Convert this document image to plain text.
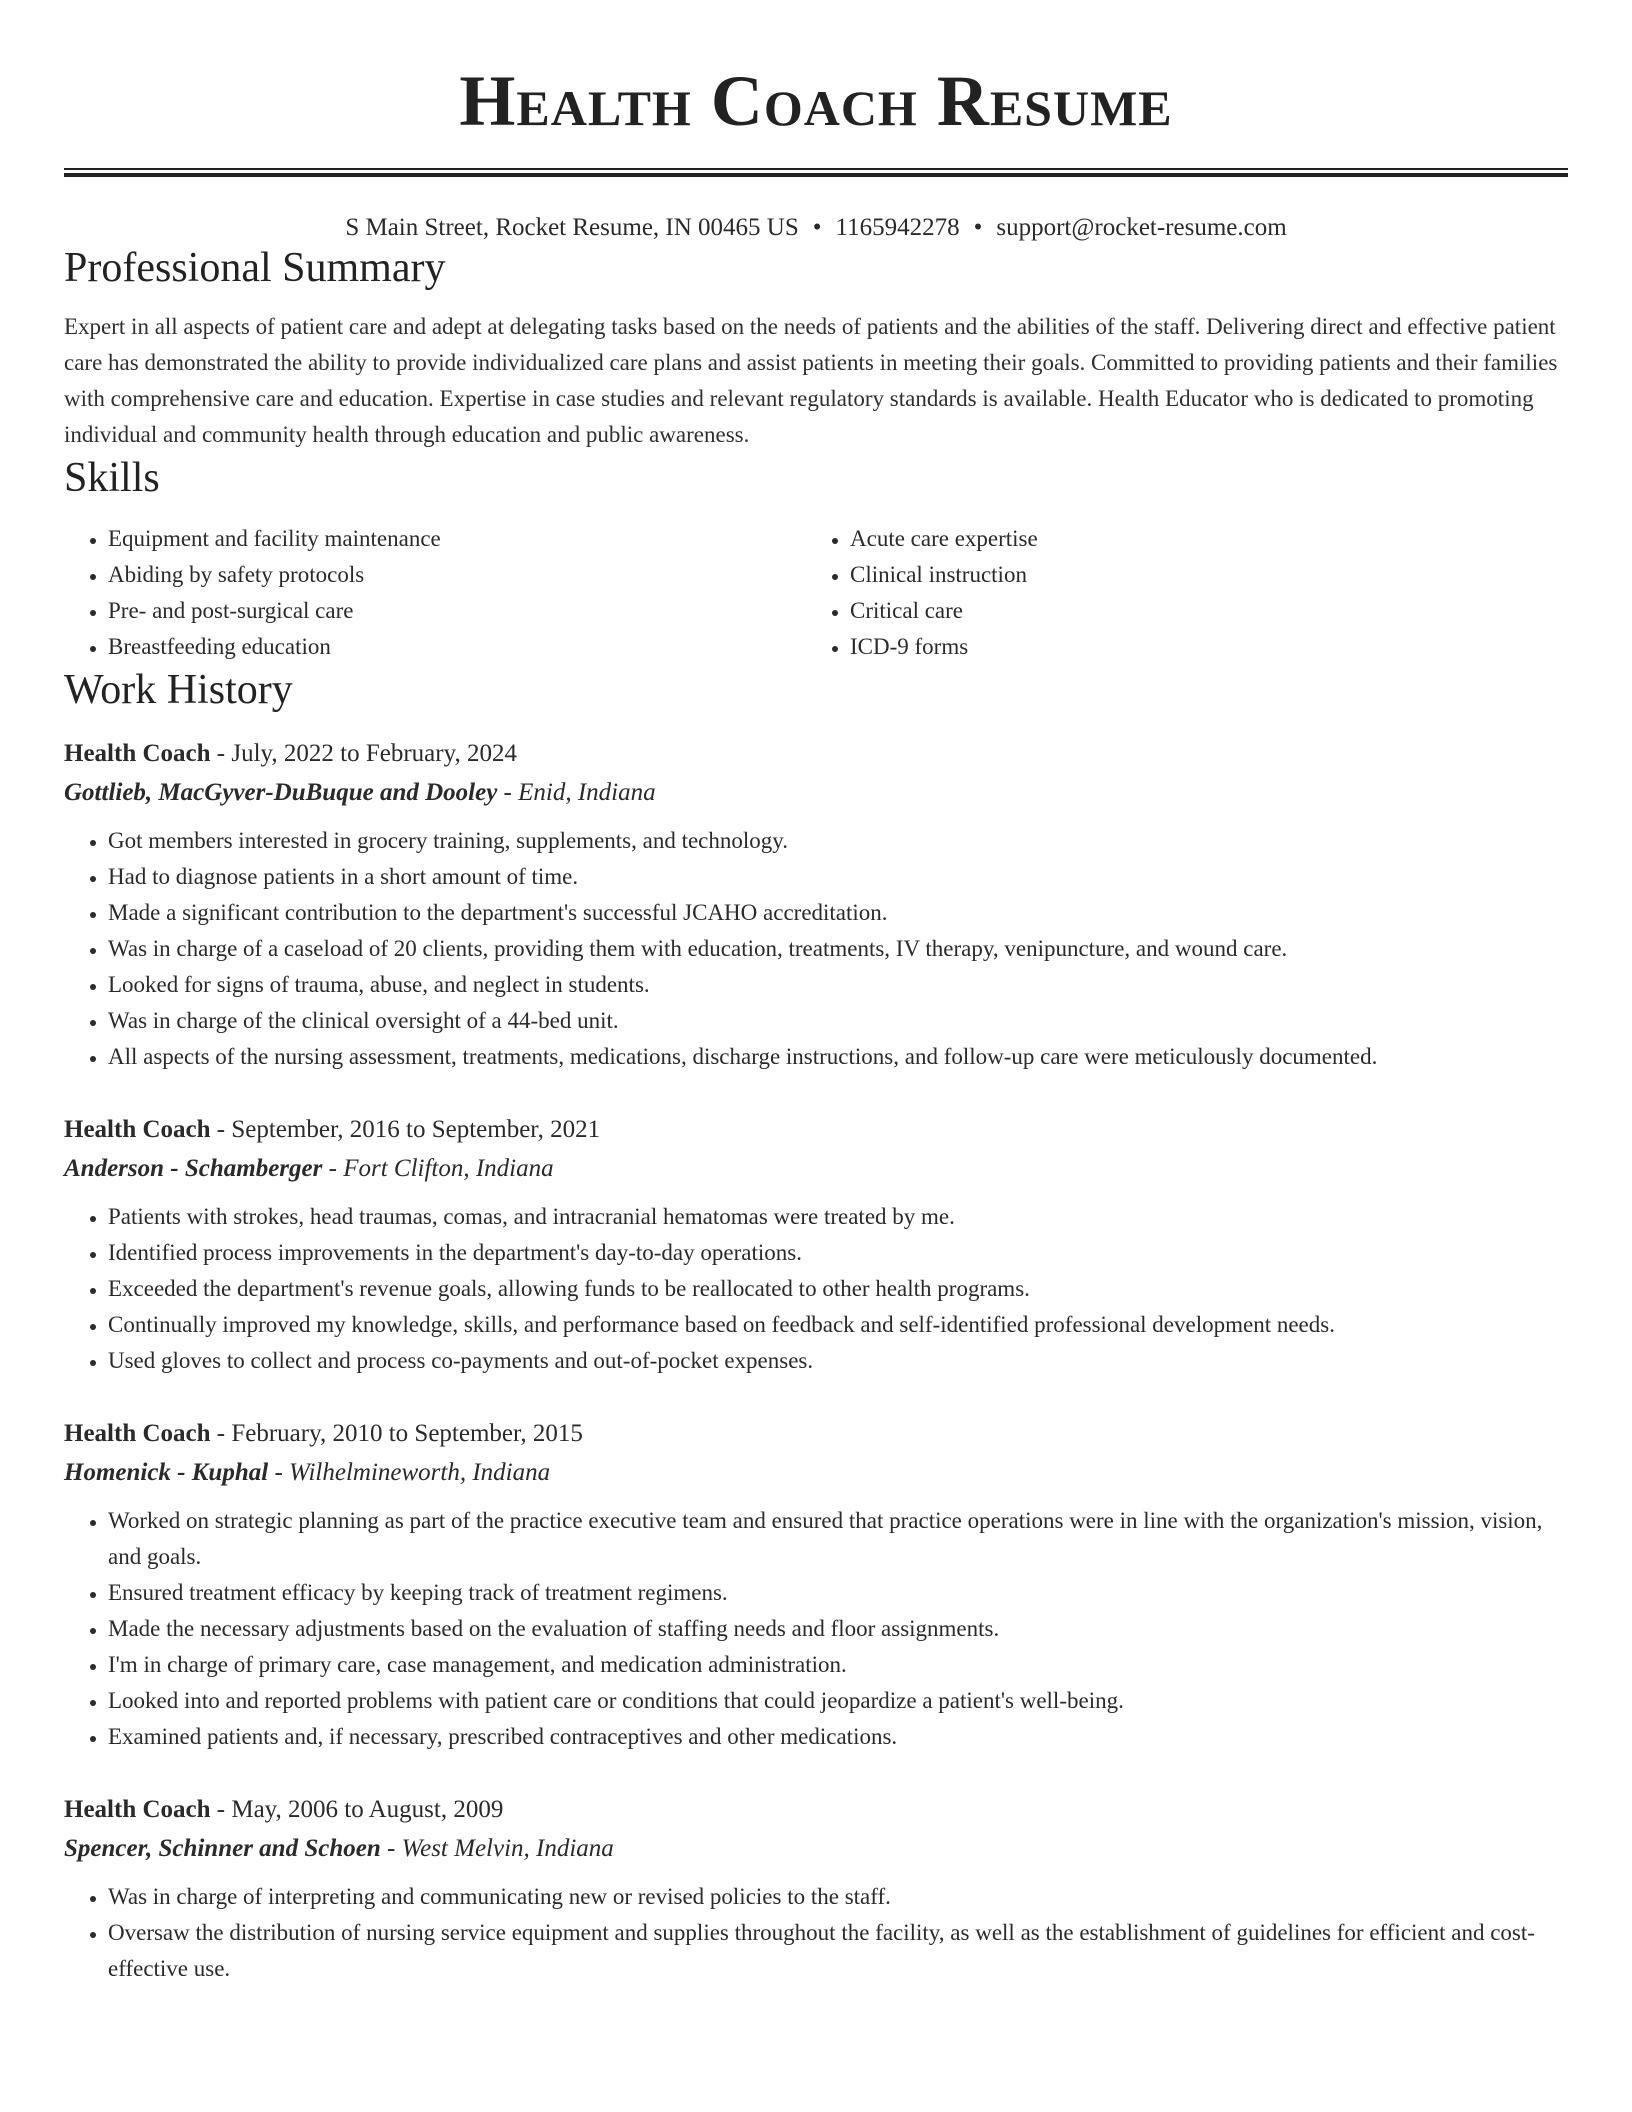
Health Coach Resume
S Main Street, Rocket Resume, IN 00465 US • 1165942278 • support@rocket-resume.com
Professional Summary

Expert in all aspects of patient care and adept at delegating tasks based on the needs of patients and the abilities of the staff. Delivering direct and effective patient care has demonstrated the ability to provide individualized care plans and assist patients in meeting their goals. Committed to providing patients and their families with comprehensive care and education. Expertise in case studies and relevant regulatory standards is available. Health Educator who is dedicated to promoting individual and community health through education and public awareness.

Skills
• Equipment and facility maintenance
• Abiding by safety protocols
• Pre- and post-surgical care
• Breastfeeding education
• Acute care expertise
• Clinical instruction
• Critical care
• ICD-9 forms
Work History
Health Coach - July, 2022 to February, 2024
Gottlieb, MacGyver-DuBuque and Dooley - Enid, Indiana
• Got members interested in grocery training, supplements, and technology.
• Had to diagnose patients in a short amount of time.
• Made a significant contribution to the department's successful JCAHO accreditation.
• Was in charge of a caseload of 20 clients, providing them with education, treatments, IV therapy, venipuncture, and wound care.
• Looked for signs of trauma, abuse, and neglect in students.
• Was in charge of the clinical oversight of a 44-bed unit.
• All aspects of the nursing assessment, treatments, medications, discharge instructions, and follow-up care were meticulously documented.
Health Coach - September, 2016 to September, 2021
Anderson - Schamberger - Fort Clifton, Indiana
• Patients with strokes, head traumas, comas, and intracranial hematomas were treated by me.
• Identified process improvements in the department's day-to-day operations.
• Exceeded the department's revenue goals, allowing funds to be reallocated to other health programs.
• Continually improved my knowledge, skills, and performance based on feedback and self-identified professional development needs.
• Used gloves to collect and process co-payments and out-of-pocket expenses.
Health Coach - February, 2010 to September, 2015
Homenick - Kuphal - Wilhelmineworth, Indiana
• Worked on strategic planning as part of the practice executive team and ensured that practice operations were in line with the organization's mission, vision, and goals.
• Ensured treatment efficacy by keeping track of treatment regimens.
• Made the necessary adjustments based on the evaluation of staffing needs and floor assignments.
• I'm in charge of primary care, case management, and medication administration.
• Looked into and reported problems with patient care or conditions that could jeopardize a patient's well-being.
• Examined patients and, if necessary, prescribed contraceptives and other medications.
Health Coach - May, 2006 to August, 2009
Spencer, Schinner and Schoen - West Melvin, Indiana
• Was in charge of interpreting and communicating new or revised policies to the staff.
• Oversaw the distribution of nursing service equipment and supplies throughout the facility, as well as the establishment of guidelines for efficient and cost-effective use.
